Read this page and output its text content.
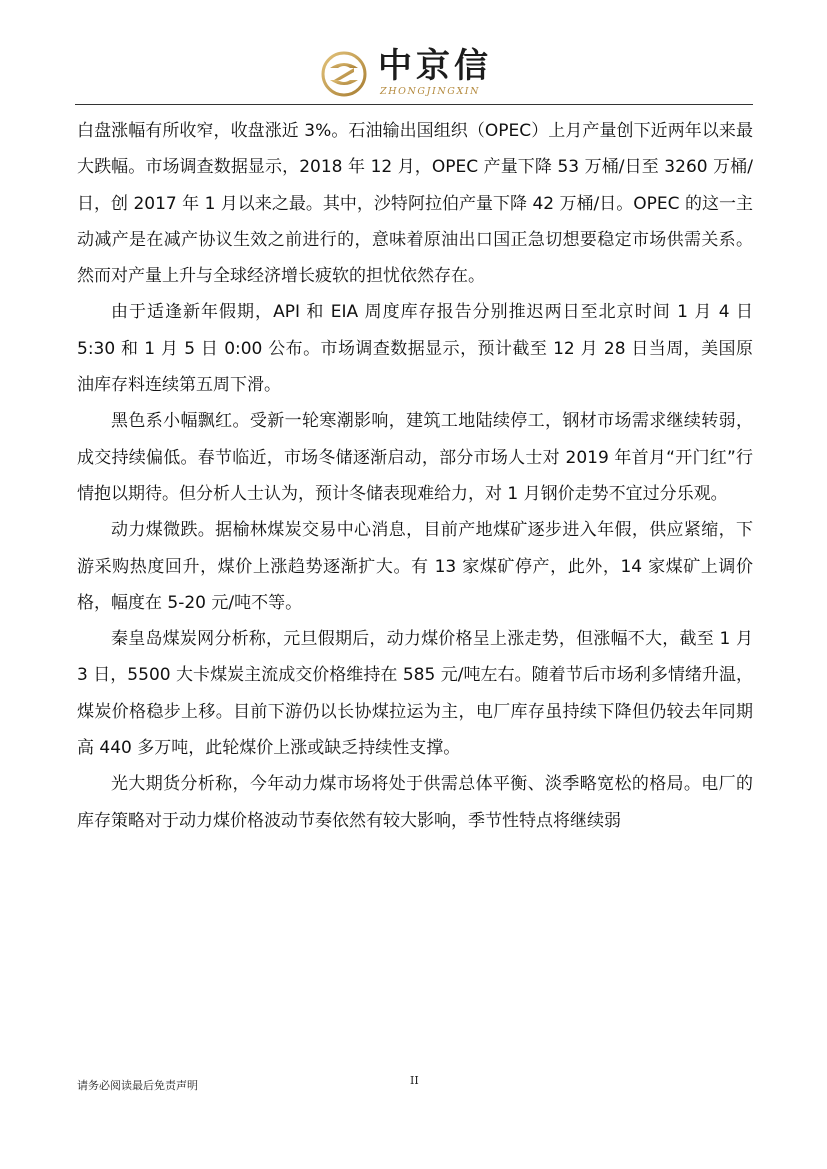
中京信
ZHONGJINGXIN

白盘涨幅有所收窄，收盘涨近 3%。石油输出国组织（OPEC）上月产量创下近两年以来最大跌幅。市场调查数据显示，2018 年 12 月，OPEC 产量下降 53 万桶/日至 3260 万桶/日，创 2017 年 1 月以来之最。其中，沙特阿拉伯产量下降 42 万桶/日。OPEC 的这一主动减产是在减产协议生效之前进行的，意味着原油出口国正急切想要稳定市场供需关系。然而对产量上升与全球经济增长疲软的担忧依然存在。

由于适逢新年假期，API 和 EIA 周度库存报告分别推迟两日至北京时间 1 月 4 日 5:30 和 1 月 5 日 0:00 公布。市场调查数据显示，预计截至 12 月 28 日当周，美国原油库存料连续第五周下滑。

黑色系小幅飘红。受新一轮寒潮影响，建筑工地陆续停工，钢材市场需求继续转弱，成交持续偏低。春节临近，市场冬储逐渐启动，部分市场人士对 2019 年首月“开门红”行情抱以期待。但分析人士认为，预计冬储表现难给力，对 1 月钢价走势不宜过分乐观。

动力煤微跌。据榆林煤炭交易中心消息，目前产地煤矿逐步进入年假，供应紧缩，下游采购热度回升，煤价上涨趋势逐渐扩大。有 13 家煤矿停产，此外，14 家煤矿上调价格，幅度在 5-20 元/吨不等。

秦皇岛煤炭网分析称，元旦假期后，动力煤价格呈上涨走势，但涨幅不大，截至 1 月 3 日，5500 大卡煤炭主流成交价格维持在 585 元/吨左右。随着节后市场利多情绪升温，煤炭价格稳步上移。目前下游仍以长协煤拉运为主，电厂库存虽持续下降但仍较去年同期高 440 多万吨，此轮煤价上涨或缺乏持续性支撑。

光大期货分析称，今年动力煤市场将处于供需总体平衡、淡季略宽松的格局。电厂的库存策略对于动力煤价格波动节奏依然有较大影响，季节性特点将继续弱

请务必阅读最后免责声明	II
